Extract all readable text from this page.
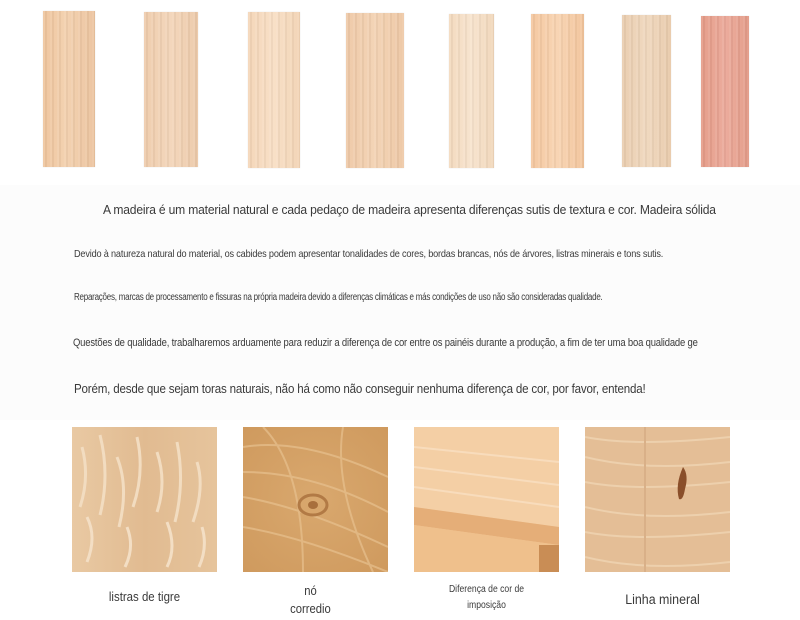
A madeira é um material natural e cada pedaço de madeira apresenta diferenças sutis de textura e cor. Madeira sólida
Devido à natureza natural do material, os cabides podem apresentar tonalidades de cores, bordas brancas, nós de árvores, listras minerais e tons sutis.
Reparações, marcas de processamento e fissuras na própria madeira devido a diferenças climáticas e más condições de uso não são consideradas qualidade.
Questões de qualidade, trabalharemos arduamente para reduzir a diferença de cor entre os painéis durante a produção, a fim de ter uma boa qualidade ge
Porém, desde que sejam toras naturais, não há como não conseguir nenhuma diferença de cor, por favor, entenda!
listras de tigre	nó
corredio
Diferença de cor de
imposição	Linha mineral
